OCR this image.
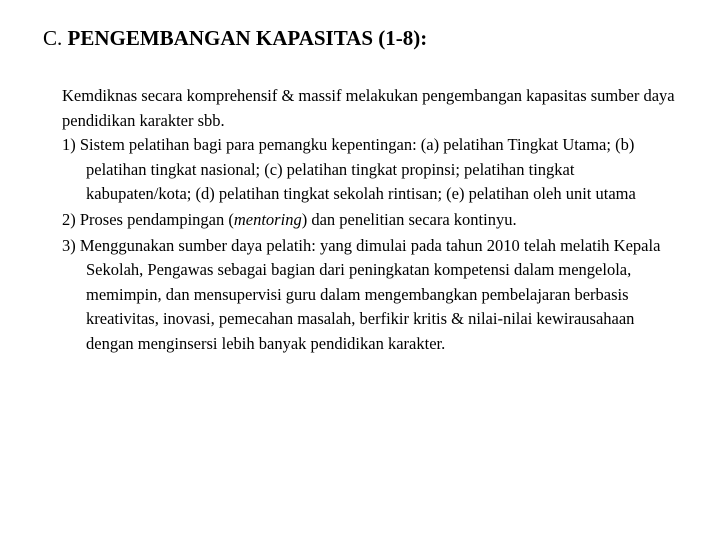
C. PENGEMBANGAN KAPASITAS (1-8):

Kemdiknas secara komprehensif & massif melakukan pengembangan kapasitas sumber daya pendidikan karakter sbb.

1) Sistem pelatihan bagi para pemangku kepentingan: (a) pelatihan Tingkat Utama; (b) pelatihan tingkat nasional; (c) pelatihan tingkat propinsi; pelatihan tingkat kabupaten/kota; (d) pelatihan tingkat sekolah rintisan; (e) pelatihan oleh unit utama
2) Proses pendampingan (mentoring) dan penelitian secara kontinyu.
3) Menggunakan sumber daya pelatih: yang dimulai pada tahun 2010 telah melatih Kepala Sekolah, Pengawas sebagai bagian dari peningkatan kompetensi dalam mengelola, memimpin, dan mensupervisi guru dalam mengembangkan pembelajaran berbasis kreativitas, inovasi, pemecahan masalah, berfikir kritis & nilai-nilai kewirausahaan dengan menginsersi lebih banyak pendidikan karakter.
